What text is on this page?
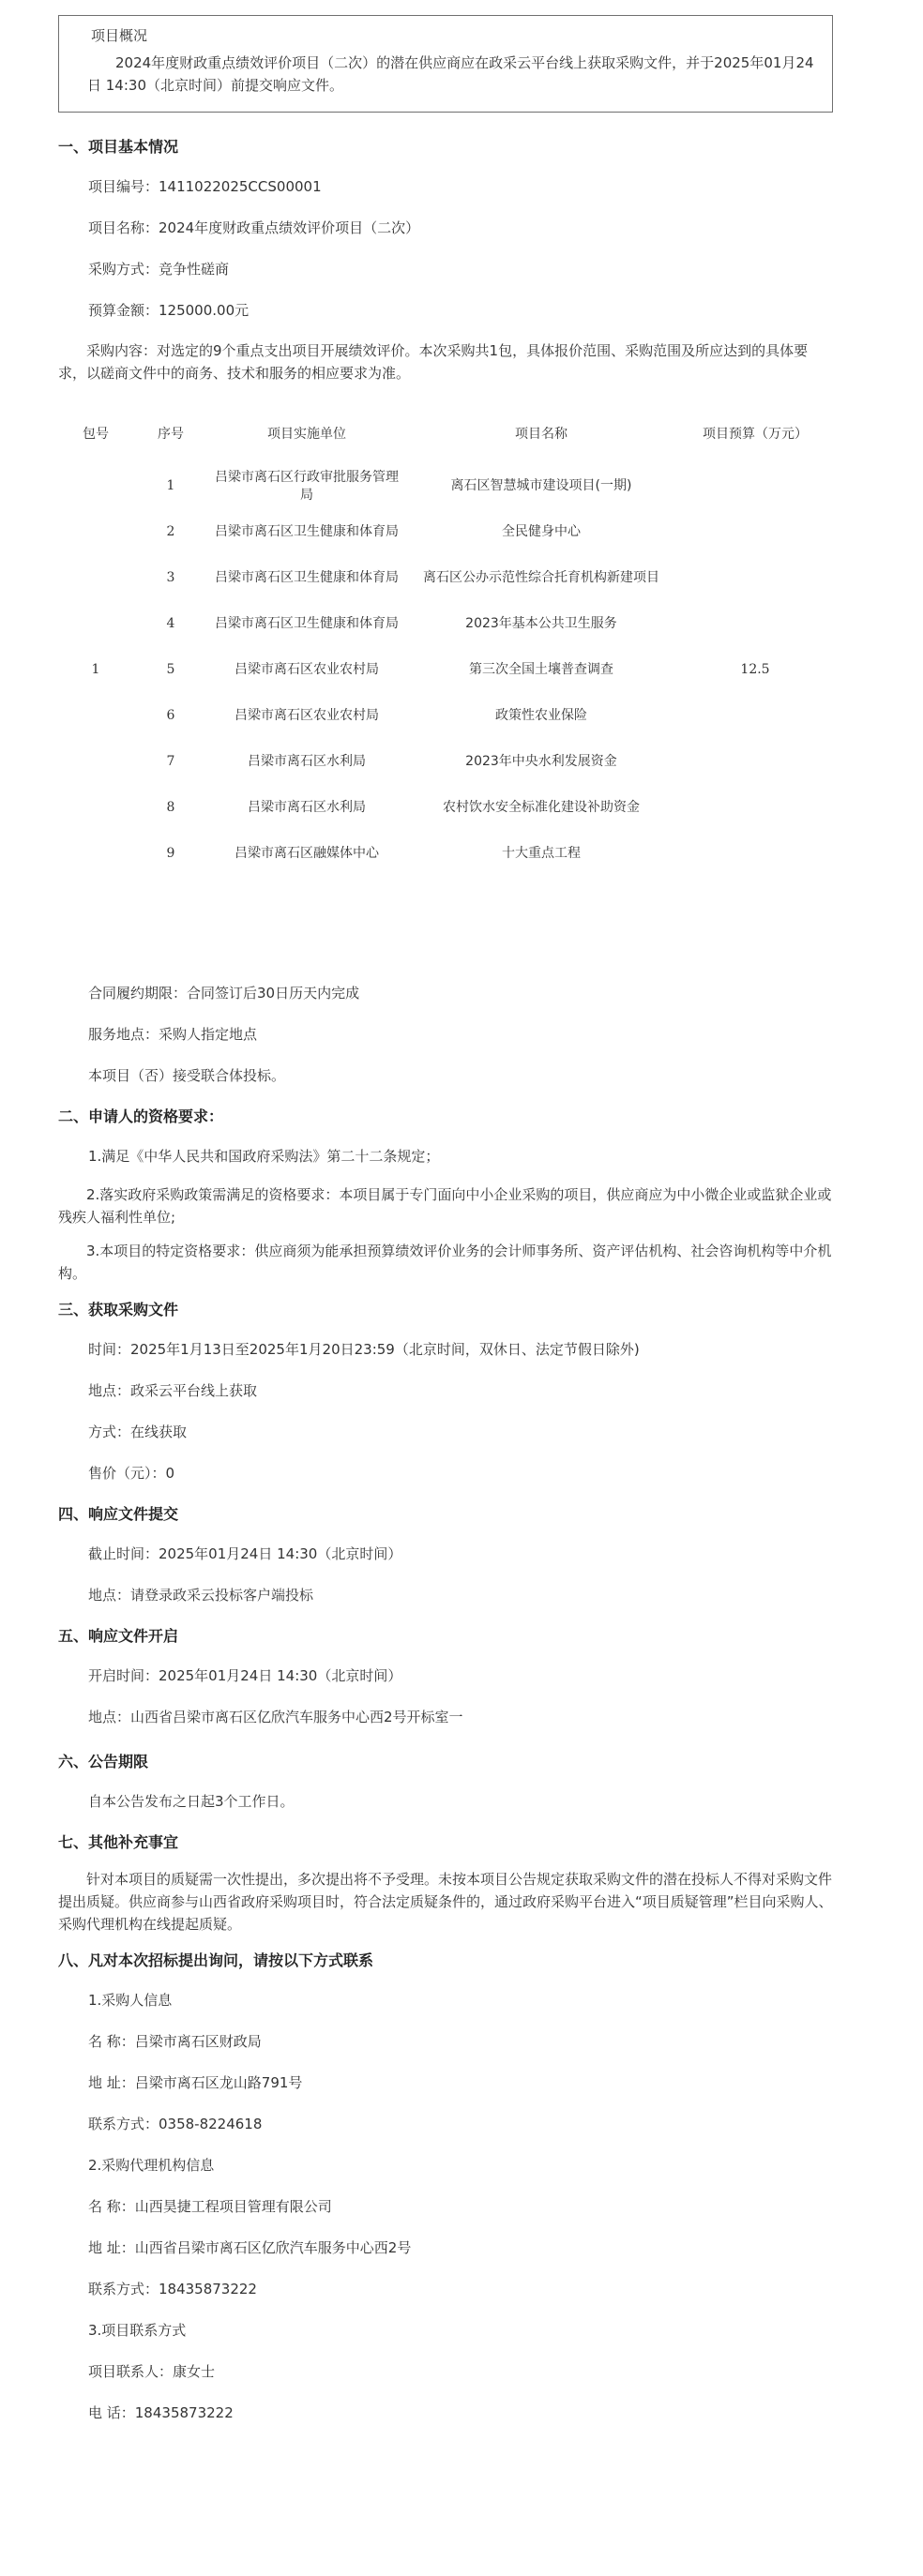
项目概况
2024年度财政重点绩效评价项目（二次）的潜在供应商应在政采云平台线上获取采购文件，并于2025年01月24日 14:30（北京时间）前提交响应文件。
一、项目基本情况
项目编号：1411022025CCS00001
项目名称：2024年度财政重点绩效评价项目（二次）
采购方式：竞争性磋商
预算金额：125000.00元
采购内容：对选定的9个重点支出项目开展绩效评价。本次采购共1包，具体报价范围、采购范围及所应达到的具体要求，以磋商文件中的商务、技术和服务的相应要求为准。
包号	序号	项目实施单位	项目名称	项目预算（万元）
1	1	吕梁市离石区行政审批服务管理局	离石区智慧城市建设项目(一期)	12.5
	2	吕梁市离石区卫生健康和体育局	全民健身中心	
	3	吕梁市离石区卫生健康和体育局	离石区公办示范性综合托育机构新建项目	
	4	吕梁市离石区卫生健康和体育局	2023年基本公共卫生服务	
	5	吕梁市离石区农业农村局	第三次全国土壤普查调查	
	6	吕梁市离石区农业农村局	政策性农业保险	
	7	吕梁市离石区水利局	2023年中央水利发展资金	
	8	吕梁市离石区水利局	农村饮水安全标准化建设补助资金	
	9	吕梁市离石区融媒体中心	十大重点工程	
合同履约期限：合同签订后30日历天内完成
服务地点：采购人指定地点
本项目（否）接受联合体投标。
二、申请人的资格要求：
1.满足《中华人民共和国政府采购法》第二十二条规定；
2.落实政府采购政策需满足的资格要求：本项目属于专门面向中小企业采购的项目，供应商应为中小微企业或监狱企业或残疾人福利性单位;
3.本项目的特定资格要求：供应商须为能承担预算绩效评价业务的会计师事务所、资产评估机构、社会咨询机构等中介机构。
三、获取采购文件
时间：2025年1月13日至2025年1月20日23:59（北京时间，双休日、法定节假日除外)
地点：政采云平台线上获取
方式：在线获取
售价（元）：0
四、响应文件提交
截止时间：2025年01月24日 14:30（北京时间）
地点：请登录政采云投标客户端投标
五、响应文件开启
开启时间：2025年01月24日 14:30（北京时间）
地点：山西省吕梁市离石区亿欣汽车服务中心西2号开标室一
六、公告期限
自本公告发布之日起3个工作日。
七、其他补充事宜
针对本项目的质疑需一次性提出，多次提出将不予受理。未按本项目公告规定获取采购文件的潜在投标人不得对采购文件提出质疑。供应商参与山西省政府采购项目时，符合法定质疑条件的，通过政府采购平台进入“项目质疑管理”栏目向采购人、采购代理机构在线提起质疑。
八、凡对本次招标提出询问，请按以下方式联系
1.采购人信息
名 称：吕梁市离石区财政局
地 址：吕梁市离石区龙山路791号
联系方式：0358-8224618
2.采购代理机构信息
名 称：山西昊捷工程项目管理有限公司
地 址：山西省吕梁市离石区亿欣汽车服务中心西2号
联系方式：18435873222
3.项目联系方式
项目联系人：康女士
电 话：18435873222
